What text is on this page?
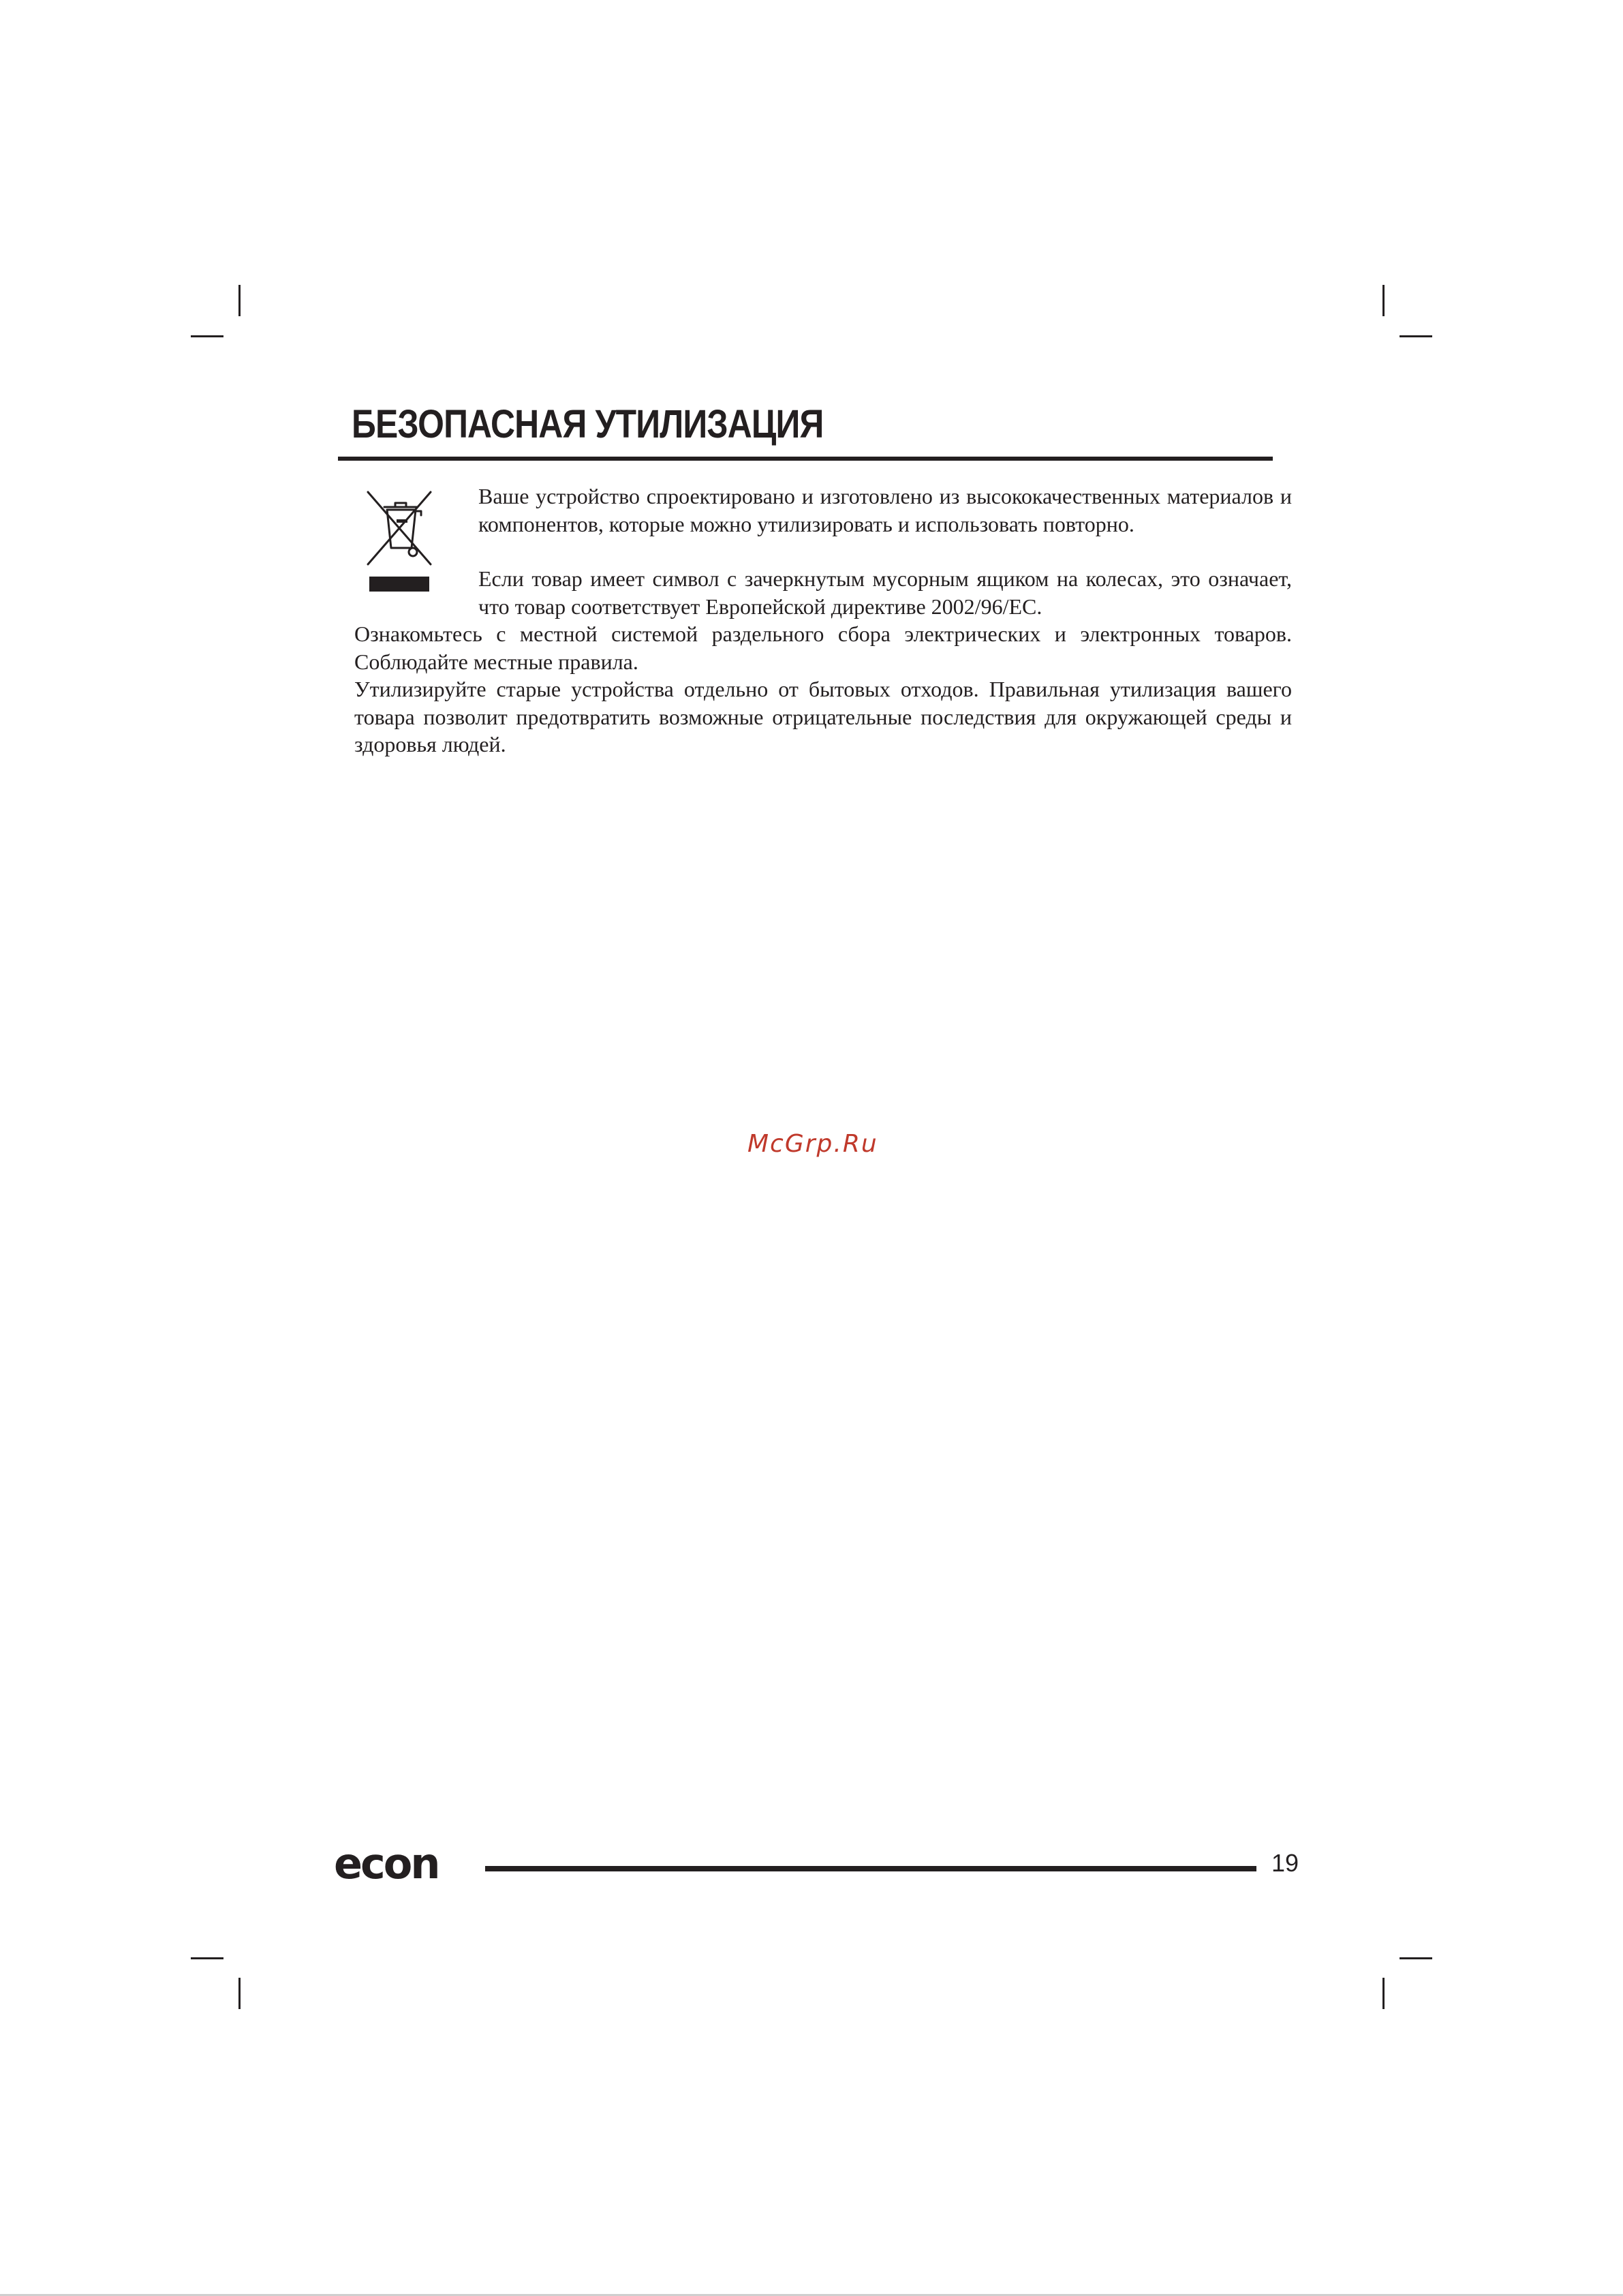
БЕЗОПАСНАЯ УТИЛИЗАЦИЯ

Ваше устройство спроектировано и изготовлено из высококачественных материалов и компонентов, которые можно утилизировать и использовать повторно.

Если товар имеет символ с зачеркнутым мусорным ящиком на колесах, это означает, что товар соответствует Европейской директиве 2002/96/EC.

Ознакомьтесь с местной системой раздельного сбора электрических и электронных товаров. Соблюдайте местные правила.

Утилизируйте старые устройства отдельно от бытовых отходов. Правильная утилизация вашего товара позволит предотвратить возможные отрицательные последствия для окружающей среды и здоровья людей.

McGrp.Ru
econ	19
